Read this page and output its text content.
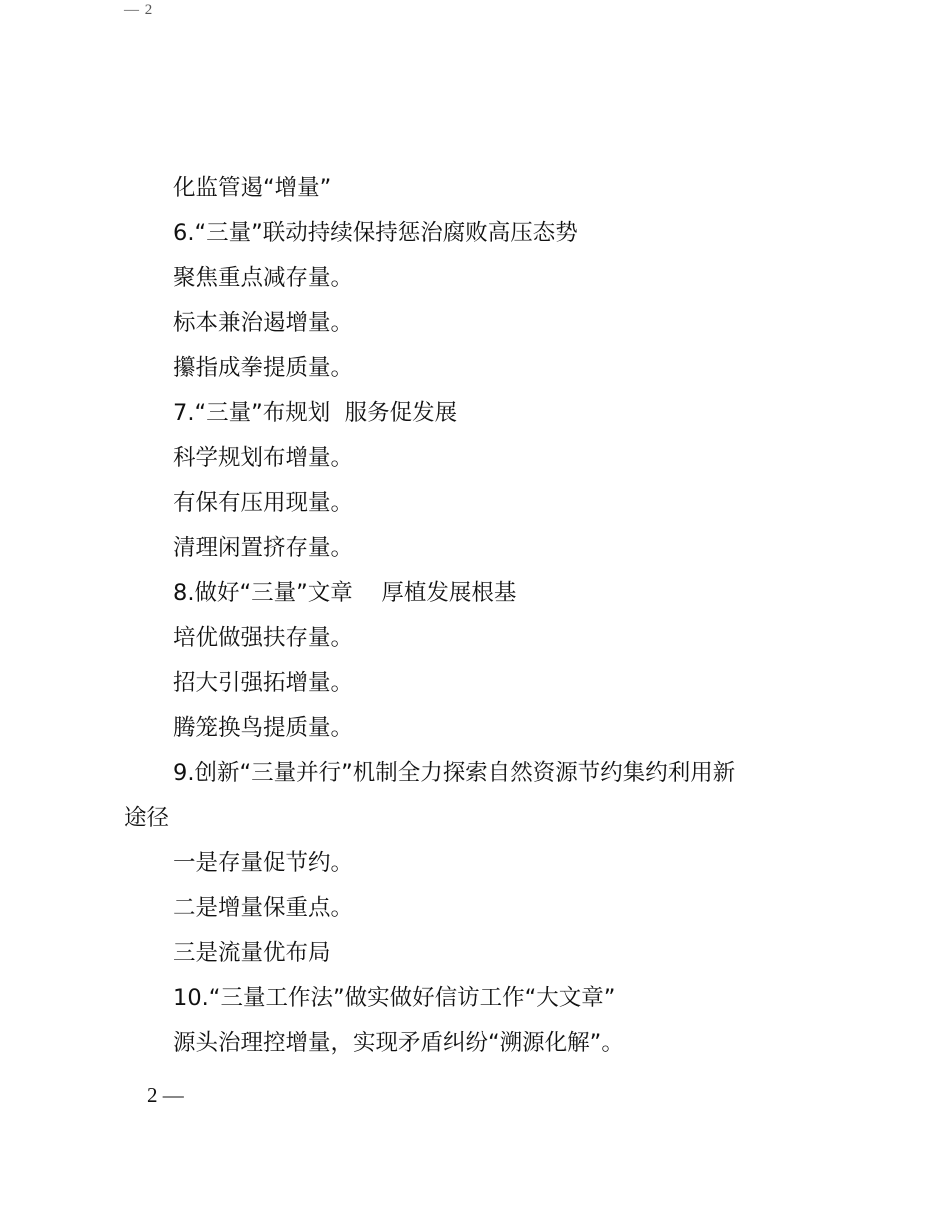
— 2

化监管遏“增量”

6.“三量”联动持续保持惩治腐败高压态势

聚焦重点减存量。

标本兼治遏增量。

攥指成拳提质量。

7.“三量”布规划  服务促发展

科学规划布增量。

有保有压用现量。

清理闲置挤存量。

8.做好“三量”文章    厚植发展根基

培优做强扶存量。

招大引强拓增量。

腾笼换鸟提质量。

9.创新“三量并行”机制全力探索自然资源节约集约利用新

途径

一是存量促节约。

二是增量保重点。

三是流量优布局

10.“三量工作法”做实做好信访工作“大文章”

源头治理控增量，实现矛盾纠纷“溯源化解”。

2 —
